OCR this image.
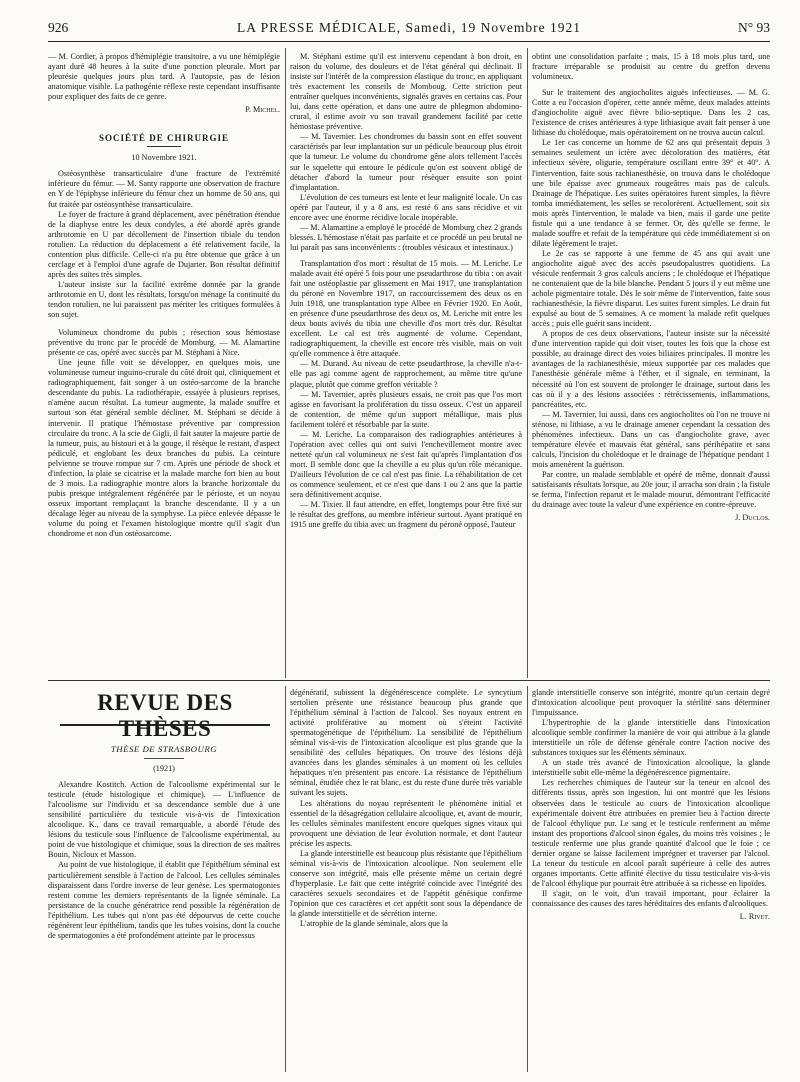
926	LA PRESSE MÉDICALE, Samedi, 19 Novembre 1921	N° 93

— M. Cordier, à propos d'hémiplégie transitoire, a vu une hémiplégie ayant duré 48 heures à la suite d'une ponction pleurale. Mort par pleurésie quelques jours plus tard. A l'autopsie, pas de lésion anatomique visible. La pathogénie réflexe reste cependant insuffisante pour expliquer des faits de ce genre.

P. Michel.
SOCIÉTÉ DE CHIRURGIE
10 Novembre 1921.

Ostéosynthèse transarticulaire d'une fracture de l'extrémité inférieure du fémur. — M. Santy rapporte une observation de fracture en Y de l'épiphyse inférieure du fémur chez un homme de 50 ans, qui fut traitée par ostéosynthèse transarticulaire.

Le foyer de fracture à grand déplacement, avec pénétration étendue de la diaphyse entre les deux condyles, a été abordé après grande arthrotomie en U par décollement de l'insertion tibiale du tendon rotulien. La réduction du déplacement a été relativement facile, la contention plus difficile. Celle-ci n'a pu être obtenue que grâce à un cerclage et à l'emploi d'une agrafe de Dujarier. Bon résultat définitif après des suites très simples.

L'auteur insiste sur la facilité extrême donnée par la grande arthrotomie en U, dont les résultats, lorsqu'on ménage la continuité du tendon rotulien, ne lui paraissent pas mériter les critiques formulées à son sujet.

Volumineux chondrome du pubis ; résection sous hémostase préventive du tronc par le procédé de Momburg. — M. Alamartine présente ce cas, opéré avec succès par M. Stéphani à Nice.

Une jeune fille voit se développer, en quelques mois, une volumineuse tumeur inguino-crurale du côté droit qui, cliniquement et radiographiquement, fait songer à un ostéo-sarcome de la branche descendante du pubis. La radiothérapie, essayée à plusieurs reprises, n'amène aucun résultat. La tumeur augmente, la malade souffre et surtout son état général semble décliner. M. Stéphani se décide à intervenir. Il pratique l'hémostase préventive par compression circulaire du tronc. A la scie de Gigli, il fait sauter la majeure partie de la tumeur, puis, au bistouri et à la gouge, il résèque le restant, d'aspect pédiculé, et englobant les deux branches du pubis. La ceinture pelvienne se trouve rompue sur 7 cm. Après une période de shock et d'infection, la plaie se cicatrise et la malade marche fort bien au bout de 3 mois. La radiographie montre alors la branche horizontale du pubis presque intégralement régénérée par le périoste, et un noyau osseux important remplaçant la branche descendante. Il y a un décalage léger au niveau de la symphyse. La pièce enlevée dépasse le volume du poing et l'examen histologique montre qu'il s'agit d'un chondrome et non d'un ostéosarcome.

M. Stéphani estime qu'il est intervenu cependant à bon droit, en raison du volume, des douleurs et de l'état général qui déclinait. Il insiste sur l'intérêt de la compression élastique du tronc, en appliquant très exactement les conseils de Momboug. Cette striction peut entraîner quelques inconvénients, signalés graves en certains cas. Pour lui, dans cette opération, et dans une autre de phlegmon abdomino-crural, il estime avoir vu son travail grandement facilité par cette hémostase préventive.

— M. Tavernier. Les chondromes du bassin sont en effet souvent caractérisés par leur implantation sur un pédicule beaucoup plus étroit que la tumeur. Le volume du chondrome gêne alors tellement l'accès sur le squelette qui entoure le pédicule qu'on est souvent obligé de détacher d'abord la tumeur pour résèquer ensuite son point d'implantation.

L'évolution de ces tumeurs est lente et leur malignité locale. Un cas opéré par l'auteur, il y a 8 ans, est resté 6 ans sans récidive et vit encore avec une énorme récidive locale inopérable.

— M. Alamartine a employé le procédé de Momburg chez 2 grands blessés. L'hémostase n'était pas parfaite et ce procédé un peu brutal ne lui paraît pas sans inconvénients : (troubles vésicaux et intestinaux.)

Transplantation d'os mort : résultat de 15 mois. — M. Leriche. Le malade avait été opéré 5 fois pour une pseudarthrose du tibia : on avait fait une ostéoplastie par glissement en Mai 1917, une transplantation du péroné en Novembre 1917, un raccourcissement des deux os en Juin 1918, une transplantation type Albee en Février 1920. En Août, en présence d'une pseudarthrose des deux os, M. Leriche mit entre les deux bouts avivés du tibia une cheville d'os mort très dur. Résultat excellent. Le cal est très augmenté de volume. Cependant, radiographiquement, la cheville est encore très visible, mais on voit qu'elle commence à être attaquée.

— M. Durand. Au niveau de cette pseudarthrose, la cheville n'a-t-elle pas agi comme agent de rapprochement, au même titre qu'une plaque, plutôt que comme greffon véritable ?

— M. Tavernier, après plusieurs essais, ne croit pas que l'os mort agisse en favorisant la prolifération du tissu osseux. C'est un appareil de contention, de même qu'un support métallique, mais plus facilement toléré et résorbable par la suite.

— M. Leriche. La comparaison des radiographies antérieures à l'opération avec celles qui ont suivi l'enchevillement montre avec netteté qu'un cal volumineux ne s'est fait qu'après l'implantation d'os mort. Il semble donc que la cheville a eu plus qu'un rôle mécanique. D'ailleurs l'évolution de ce cal n'est pas finie. La réhabilitation de cet os commence seulement, et ce n'est que dans 1 ou 2 ans que la partie sera définitivement acquise.

— M. Tixier. Il faut attendre, en effet, longtemps pour être fixé sur le résultat des greffons, au membre inférieur surtout. Ayant pratiqué en 1915 une greffe du tibia avec un fragment du péroné opposé, l'auteur

obtint une consolidation parfaite ; mais, 15 à 18 mois plus tard, une fracture irréparable se produisit au centre du greffon devenu volumineux.

Sur le traitement des angiocholites aiguës infectieuses. — M. G. Cotte a eu l'occasion d'opérer, cette année même, deux malades atteints d'angiocholite aiguë avec fièvre bilio-septique. Dans les 2 cas, l'existence de crises antérieures à type lithiasique avait fait penser à une lithiase du cholédoque, mais opératoirement on ne trouva aucun calcul.

Le 1er cas concerne un homme de 62 ans qui présentait depuis 3 semaines seulement un ictère avec décoloration des matières, état infectieux sévère, oligurie, température oscillant entre 39° et 40°. A l'intervention, faite sous rachianesthésie, on trouva dans le cholédoque une bile épaisse avec grumeaux rougeâtres mais pas de calculs. Drainage de l'hépatique. Les suites opératoires furent simples, la fièvre tomba immédiatement, les selles se recolorèrent. Actuellement, soit six mois après l'intervention, le malade va bien, mais il garde une petite fistule qui a une tendance à se fermer. Or, dès qu'elle se ferme, le malade souffre et refait de la température qui cède immédiatement si on dilate légèrement le trajet.

Le 2e cas se rapporte à une femme de 45 ans qui avait une angiocholite aiguë avec des accès pseudopalustres quotidiens. La vésicule renfermait 3 gros calculs anciens ; le cholédoque et l'hépatique ne contenaient que de la bile blanche. Pendant 5 jours il y eut même une achole pigmentaire totale. Dès le soir même de l'intervention, faite sous rachianesthésie, la fièvre disparut. Les suites furent simples. Le drain fut expulsé au bout de 5 semaines. A ce moment la malade refit quelques accès ; puis elle guérit sans incident.

A propos de ces deux observations, l'auteur insiste sur la nécessité d'une intervention rapide qui doit viser, toutes les fois que la chose est possible, au drainage direct des voies biliaires principales. Il montre les avantages de la rachianesthésie, mieux supportée par ces malades que l'anesthésie générale même à l'éther, et il signale, en terminant, la nécessité où l'on est souvent de prolonger le drainage, surtout dans les cas où il y a des lésions associées : rétrécissements, inflammations, pancréatites, etc.

— M. Tavernier, lui aussi, dans ces angiocholites où l'on ne trouve ni sténose, ni lithiase, a vu le drainage amener cependant la cessation des phénomènes infectieux. Dans un cas d'angiocholite grave, avec température élevée et mauvais état général, sans périhépatite et sans calculs, l'incision du cholédoque et le drainage de l'hépatique pendant 1 mois amenèrent la guérison.

Par contre, un malade semblable et opéré de même, donnait d'aussi satisfaisants résultats lorsque, au 20e jour, il arracha son drain ; la fistule se ferma, l'infection reparut et le malade mourut, démontrant l'efficacité du drainage avec toute la valeur d'une expérience en contre-épreuve.

J. Duclos.
REVUE DES THÈSES
THÈSE DE STRASBOURG
(1921)

Alexandre Kostitch. Action de l'alcoolisme expérimental sur le testicule (étude histologique et chimique). — L'influence de l'alcoolisme sur l'individu et sa descendance semble due à une sensibilité particulière du testicule vis-à-vis de l'intoxication alcoolique. K., dans ce travail remarquable, a abordé l'étude des lésions du testicule sous l'influence de l'alcoolisme expérimental, au point de vue histologique et chimique, sous la direction de ses maîtres Bouin, Nicloux et Masson.

Au point de vue histologique, il établit que l'épithélium séminal est particulièrement sensible à l'action de l'alcool. Les cellules séminales disparaissent dans l'ordre inverse de leur genèse. Les spermatogonies restent comme les derniers représentants de la lignée séminale. La persistance de la couche génératrice rend possible la régénération de l'épithélium. Les tubes qui n'ont pas été dépourvus de cette couche régénèrent leur épithélium, tandis que les tubes voisins, dont la couche de spermatogonies a été profondément atteinte par le processus

dégénératif, subissent la dégénérescence complète. Le syncytium sertolien présente une résistance beaucoup plus grande que l'épithélium séminal à l'action de l'alcool. Ses noyaux entrent en activité proliférative au moment où s'éteint l'activité spermatogénétique de l'épithélium. La sensibilité de l'épithélium séminal vis-à-vis de l'intoxication alcoolique est plus grande que la sensibilité des cellules hépatiques. On trouve des lésions déjà avancées dans les glandes séminales à un moment où les cellules hépatiques n'en présentent pas encore. La résistance de l'épithélium séminal, étudiée chez le rat blanc, est du reste d'une durée très variable suivant les sujets.

Les altérations du noyau représentent le phénomène initial et essentiel de la désagrégation cellulaire alcoolique, et, avant de mourir, les cellules séminales manifestent encore quelques signes vitaux qui provoquent une déviation de leur évolution normale, et dont l'auteur précise les aspects.

La glande interstitielle est beaucoup plus résistante que l'épithélium séminal vis-à-vis de l'intoxication alcoolique. Non seulement elle conserve son intégrité, mais elle présente même un certain degré d'hyperplasie. Le fait que cette intégrité coïncide avec l'intégrité des caractères sexuels secondaires et de l'appétit génésique confirme l'opinion que ces caractères et cet appétit sont sous la dépendance de la glande interstitielle et de sécrétion interne.

L'atrophie de la glande séminale, alors que la

glande interstitielle conserve son intégrité, montre qu'un certain degré d'intoxication alcoolique peut provoquer la stérilité sans déterminer l'impuissance.

L'hypertrophie de la glande interstitielle dans l'intoxication alcoolique semble confirmer la manière de voir qui attribue à la glande interstitielle un rôle de défense générale contre l'action nocive des substances toxiques sur les éléments séminaux.

A un stade très avancé de l'intoxication alcoolique, la glande interstitielle subit elle-même la dégénérescence pigmentaire.

Les recherches chimiques de l'auteur sur la teneur en alcool des différents tissus, après son ingestion, lui ont montré que les lésions observées dans le testicule au cours de l'intoxication alcoolique expérimentale doivent être attribuées en premier lieu à l'action directe de l'alcool éthylique pur. Le sang et le testicule renferment au même instant des proportions d'alcool sinon égales, du moins très voisines ; le testicule renferme une plus grande quantité d'alcool que le foie ; ce dernier organe se laisse facilement imprégner et traverser par l'alcool. La teneur du testicule en alcool paraît supérieure à celle des autres organes importants. Cette affinité élective du tissu testiculaire vis-à-vis de l'alcool éthylique pur pourrait être attribuée à sa richesse en lipoïdes.

Il s'agit, on le voit, d'un travail important, pour éclairer la connaissance des causes des tares héréditaires des enfants d'alcooliques.

L. Rivet.
